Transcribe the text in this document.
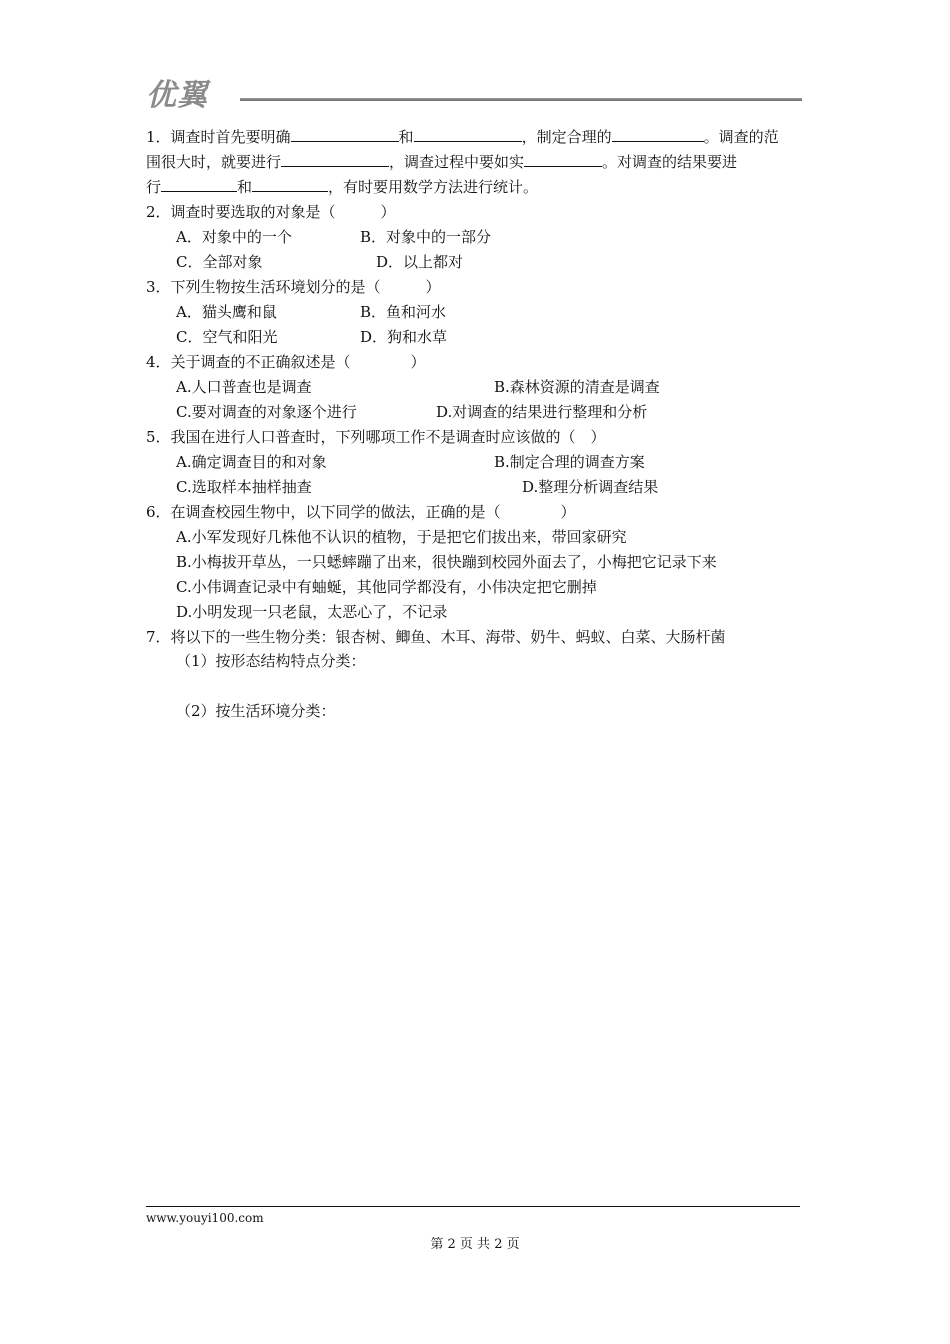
优翼
1．调查时首先要明确	和	，制定合理的	。调查的范
围很大时，就要进行	，调查过程中要如实	。对调查的结果要进
行	和	，有时要用数学方法进行统计。
2．调查时要选取的对象是（　　　）
A．对象中的一个	B．对象中的一部分
C．全部对象	D．以上都对
3．下列生物按生活环境划分的是（　　　）
A．猫头鹰和鼠	B．鱼和河水
C．空气和阳光	D．狗和水草
4．关于调查的不正确叙述是（　　　　）
A.人口普查也是调查	B.森林资源的清查是调查
C.要对调查的对象逐个进行	D.对调查的结果进行整理和分析
5．我国在进行人口普查时，下列哪项工作不是调查时应该做的（　）
A.确定调查目的和对象	B.制定合理的调查方案
C.选取样本抽样抽查	D.整理分析调查结果
6．在调查校园生物中，以下同学的做法，正确的是（　　　　）
A.小军发现好几株他不认识的植物，于是把它们拔出来，带回家研究
B.小梅拔开草丛，一只蟋蟀蹦了出来，很快蹦到校园外面去了，小梅把它记录下来
C.小伟调查记录中有蚰蜒，其他同学都没有，小伟决定把它删掉
D.小明发现一只老鼠，太恶心了，不记录
7．将以下的一些生物分类：银杏树、鲫鱼、木耳、海带、奶牛、蚂蚁、白菜、大肠杆菌
（1）按形态结构特点分类：
（2）按生活环境分类：
www.youyi100.com
第 2 页 共 2 页
